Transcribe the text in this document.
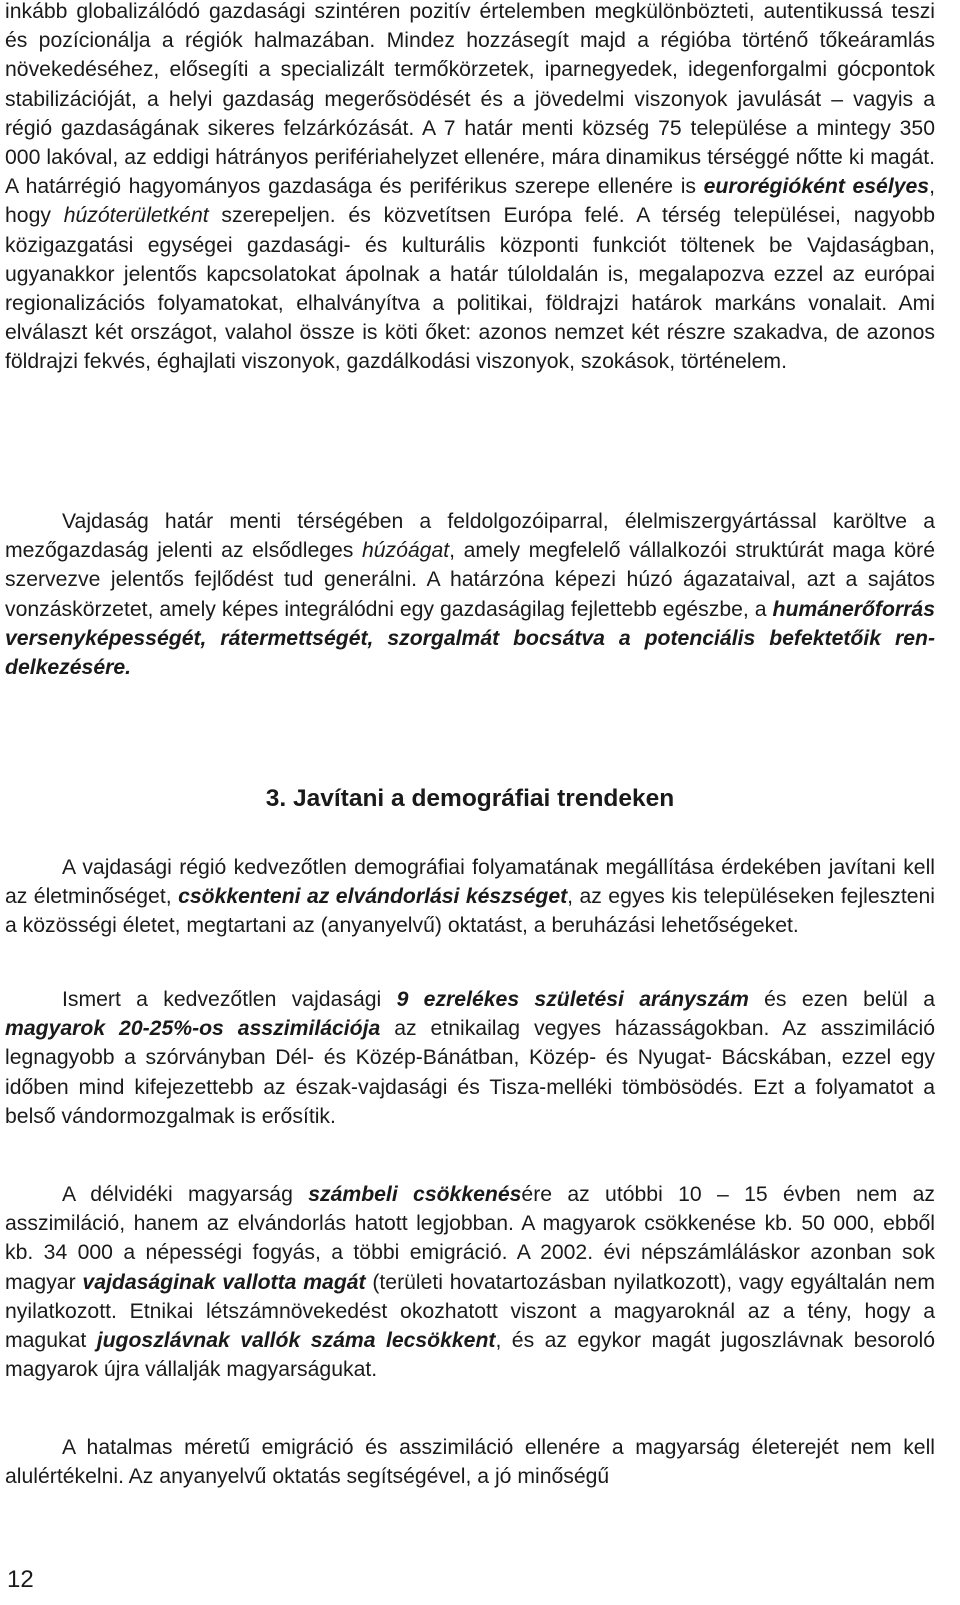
inkább globalizálódó gazdasági szintéren pozitív értelemben megkülönbözteti, autentikussá teszi és pozícionálja a régiók halmazában. Mindez hozzásegít majd a régióba történő tőkeáramlás növekedéséhez, elősegíti a specializált termőkörzetek, iparnegyedek, idegenforgalmi gócpontok stabilizációját, a helyi gazdaság megerősödését és a jövedelmi viszonyok javulását – vagyis a régió gazdaságának sikeres felzárkózását. A 7 határ menti község 75 települése a mintegy 350 000 lakóval, az eddigi hátrányos perifériahelyzet ellenére, mára dinamikus térséggé nőtte ki magát. A határrégió hagyományos gazdasága és periférikus szerepe ellenére is eurorégióként esélyes, hogy húzóterületként szerepeljen. és közvetítsen Európa felé. A térség települései, nagyobb közigazgatási egységei gazdasági- és kulturális központi funkciót töltenek be Vajdaságban, ugyanakkor jelentős kapcsolatokat ápolnak a határ túloldalán is, megalapozva ezzel az európai regionalizációs folyamatokat, elhalványítva a politikai, földrajzi határok markáns vonalait. Ami elválaszt két országot, valahol össze is köti őket: azonos nemzet két részre szakadva, de azonos földrajzi fekvés, éghajlati viszonyok, gazdálkodási viszonyok, szokások, történelem.

Vajdaság határ menti térségében a feldolgozóiparral, élelmiszergyártással karöltve a mezőgazdaság jelenti az elsődleges húzóágat, amely megfelelő vállalkozói struktúrát maga köré szervezve jelentős fejlődést tud generálni. A határzóna képezi húzó ágazataival, azt a sajátos vonzáskörzetet, amely képes integrálódni egy gazdaságilag fejlettebb egészbe, a humánerőforrás versenyképességét, rátermettségét, szorgalmát bocsátva a potenciális befektetőik rendelkezésére.

3. Javítani a demográfiai trendeken

A vajdasági régió kedvezőtlen demográfiai folyamatának megállítása érdekében javítani kell az életminőséget, csökkenteni az elvándorlási készséget, az egyes kis településeken fejleszteni a közösségi életet, megtartani az (anyanyelvű) oktatást, a beruházási lehetőségeket.

Ismert a kedvezőtlen vajdasági 9 ezrelékes születési arányszám és ezen belül a magyarok 20-25%-os asszimilációja az etnikailag vegyes házasságokban. Az asszimiláció legnagyobb a szórványban Dél- és Közép-Bánátban, Közép- és Nyugat- Bácskában, ezzel egy időben mind kifejezettebb az észak-vajdasági és Tisza-melléki tömbösödés. Ezt a folyamatot a belső vándormozgalmak is erősítik.

A délvidéki magyarság számbeli csökkenésére az utóbbi 10 – 15 évben nem az asszimiláció, hanem az elvándorlás hatott legjobban. A magyarok csökkenése kb. 50 000, ebből kb. 34 000 a népességi fogyás, a többi emigráció. A 2002. évi népszámláláskor azonban sok magyar vajdaságinak vallotta magát (területi hovatartozásban nyilatkozott), vagy egyáltalán nem nyilatkozott. Etnikai létszámnövekedést okozhatott viszont a magyaroknál az a tény, hogy a magukat jugoszlávnak vallók száma lecsökkent, és az egykor magát jugoszlávnak besoroló magyarok újra vállalják magyarságukat.

A hatalmas méretű emigráció és asszimiláció ellenére a magyarság életerejét nem kell alulértékelni. Az anyanyelvű oktatás segítségével, a jó minőségű

12
